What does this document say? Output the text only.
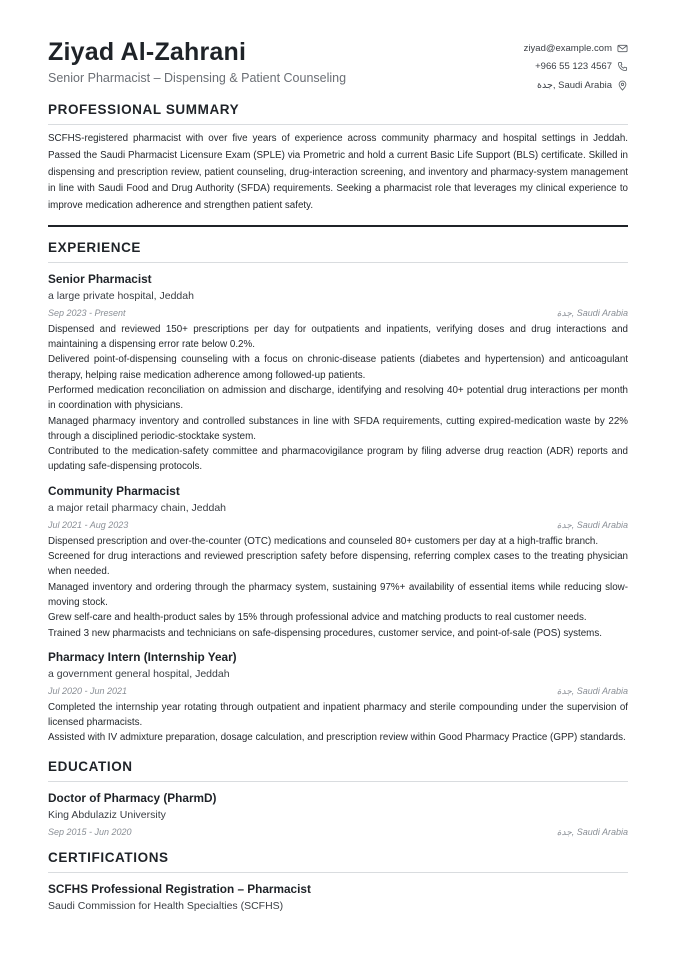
Ziyad Al-Zahrani
Senior Pharmacist – Dispensing & Patient Counseling
ziyad@example.com
+966 55 123 4567
جدة, Saudi Arabia
PROFESSIONAL SUMMARY

SCFHS-registered pharmacist with over five years of experience across community pharmacy and hospital settings in Jeddah. Passed the Saudi Pharmacist Licensure Exam (SPLE) via Prometric and hold a current Basic Life Support (BLS) certificate. Skilled in dispensing and prescription review, patient counseling, drug-interaction screening, and inventory and pharmacy-system management in line with Saudi Food and Drug Authority (SFDA) requirements. Seeking a pharmacist role that leverages my clinical experience to improve medication adherence and strengthen patient safety.

EXPERIENCE
Senior Pharmacist
a large private hospital, Jeddah
Sep 2023 - Present	جدة, Saudi Arabia
Dispensed and reviewed 150+ prescriptions per day for outpatients and inpatients, verifying doses and drug interactions and maintaining a dispensing error rate below 0.2%.
Delivered point-of-dispensing counseling with a focus on chronic-disease patients (diabetes and hypertension) and anticoagulant therapy, helping raise medication adherence among followed-up patients.
Performed medication reconciliation on admission and discharge, identifying and resolving 40+ potential drug interactions per month in coordination with physicians.
Managed pharmacy inventory and controlled substances in line with SFDA requirements, cutting expired-medication waste by 22% through a disciplined periodic-stocktake system.
Contributed to the medication-safety committee and pharmacovigilance program by filing adverse drug reaction (ADR) reports and updating safe-dispensing protocols.
Community Pharmacist
a major retail pharmacy chain, Jeddah
Jul 2021 - Aug 2023	جدة, Saudi Arabia
Dispensed prescription and over-the-counter (OTC) medications and counseled 80+ customers per day at a high-traffic branch.
Screened for drug interactions and reviewed prescription safety before dispensing, referring complex cases to the treating physician when needed.
Managed inventory and ordering through the pharmacy system, sustaining 97%+ availability of essential items while reducing slow-moving stock.
Grew self-care and health-product sales by 15% through professional advice and matching products to real customer needs.
Trained 3 new pharmacists and technicians on safe-dispensing procedures, customer service, and point-of-sale (POS) systems.
Pharmacy Intern (Internship Year)
a government general hospital, Jeddah
Jul 2020 - Jun 2021	جدة, Saudi Arabia
Completed the internship year rotating through outpatient and inpatient pharmacy and sterile compounding under the supervision of licensed pharmacists.
Assisted with IV admixture preparation, dosage calculation, and prescription review within Good Pharmacy Practice (GPP) standards.
EDUCATION
Doctor of Pharmacy (PharmD)
King Abdulaziz University
Sep 2015 - Jun 2020	جدة, Saudi Arabia
CERTIFICATIONS
SCFHS Professional Registration – Pharmacist
Saudi Commission for Health Specialties (SCFHS)
